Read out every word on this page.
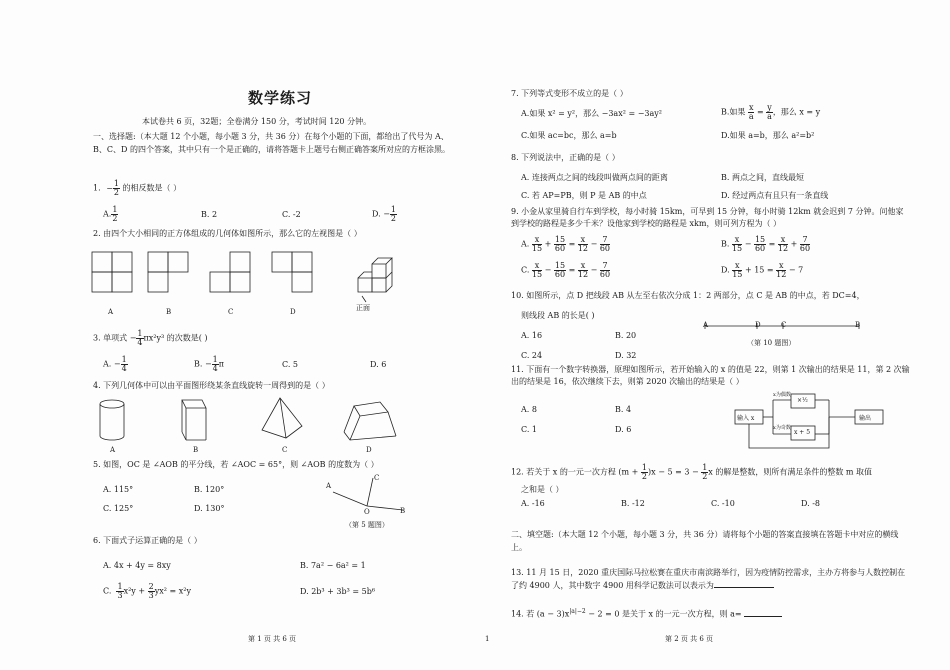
数学练习
本试卷共 6 页，32题；全卷满分 150 分，考试时间 120 分钟。
一、选择题:（本大题 12 个小题，每小题 3 分，共 36 分）在每个小题的下面，都给出了代号为 A、B、C、D 的四个答案，其中只有一个是正确的，请将答题卡上题号右侧正确答案所对应的方框涂黑。
1. − $\frac{1}{2}$ 的相反数是（ ）
A. $\frac{1}{2}$	B. 2	C. -2	D. − $\frac{1}{2}$
2. 由四个大小相同的正方体组成的几何体如图所示，那么它的左视图是（ ）
A	B	C	D	正面
3. 单项式 − $\frac{1}{4} \pi x^2y^3$ 的次数是( )
A. − $\frac{1}{4}$	B. − $\frac{1}{4}$ π	C. 5	D. 6
4. 下列几何体中可以由平面图形绕某条直线旋转一周得到的是（ ）
A	B	C	D
5. 如图，OC 是 ∠AOB 的平分线，若 ∠AOC = 65°，则 ∠AOB 的度数为（ ）
A. 115°	B. 120°
C. 125°	D. 130°
A
O
C
B
（第 5 题图）
6. 下面式子运算正确的是（ ）
A. 4x + 4y = 8xy	B. 7a² − 6a² = 1
C. $\frac{1}{3} x^2y + \frac{2}{3} yx^2 = x^2y$	D. 2b³ + 3b³ = 5b⁶
第 1 页 共 6 页	1
7. 下列等式变形不成立的是（ ）
A.如果 x² = y²，那么 −3ax² = −3ay²	B.如果 $\frac{x}{a} = \frac{y}{a}$ ，那么 x = y
C.如果 ac=bc，那么 a=b	D.如果 a=b，那么 a²=b²
8. 下列说法中，正确的是（ ）
A. 连接两点之间的线段叫做两点间的距离	B. 两点之间，直线最短
C. 若 AP=PB，则 P 是 AB 的中点	D. 经过两点有且只有一条直线
9. 小金从家里骑自行车到学校，每小时骑 15km，可早到 15 分钟，每小时骑 12km 就会迟到 7 分钟。问他家到学校的路程是多少千米？设他家到学校的路程是 xkm，则可列方程为（ ）
A. $\frac{x}{15} + \frac{15}{60} = \frac{x}{12} - \frac{7}{60}$	B. $\frac{x}{15} - \frac{15}{60} = \frac{x}{12} + \frac{7}{60}$
C. $\frac{x}{15} - \frac{15}{60} = \frac{x}{12} - \frac{7}{60}$	D. $\frac{x}{15} + 15 = \frac{x}{12} - 7$
10. 如图所示，点 D 把线段 AB 从左至右依次分成 1：2 两部分，点 C 是 AB 的中点，若 DC=4，
则线段 AB 的长是( )
A. 16	B. 20
C. 24	D. 32
A	D	C	B
（第 10 题图）
11. 下面有一个数字转换器，原理如图所示，若开始输入的 x 的值是 22，则第 1 次输出的结果是 11，第 2 次输出的结果是 16，依次继续下去，则第 2020 次输出的结果是（ ）
A. 8	B. 4
C. 1	D. 6
输入 x	输出
x为偶数
x为奇数
×½
x + 5
12. 若关于 x 的一元一次方程 $(m + \frac{1}{2} )x - 5 = 3 - \frac{1}{2}$ x 的解是整数，则所有满足条件的整数 m 取值
之和是（ ）
A. -16	B. -12	C. -10	D. -8
二、填空题:（本大题 12 个小题，每小题 3 分，共 36 分）请将每个小题的答案直接填在答题卡中对应的横线上。
13. 11 月 15 日，2020 重庆国际马拉松赛在重庆市南滨路举行，因为疫情防控需求，主办方将参与人数控制在了约 4900 人，其中数字 4900 用科学记数法可以表示为
14. 若 $(a - 3)x^{|a|-2} - 2 = 0$ 是关于 x 的一元一次方程，则 a=
第 2 页 共 6 页
